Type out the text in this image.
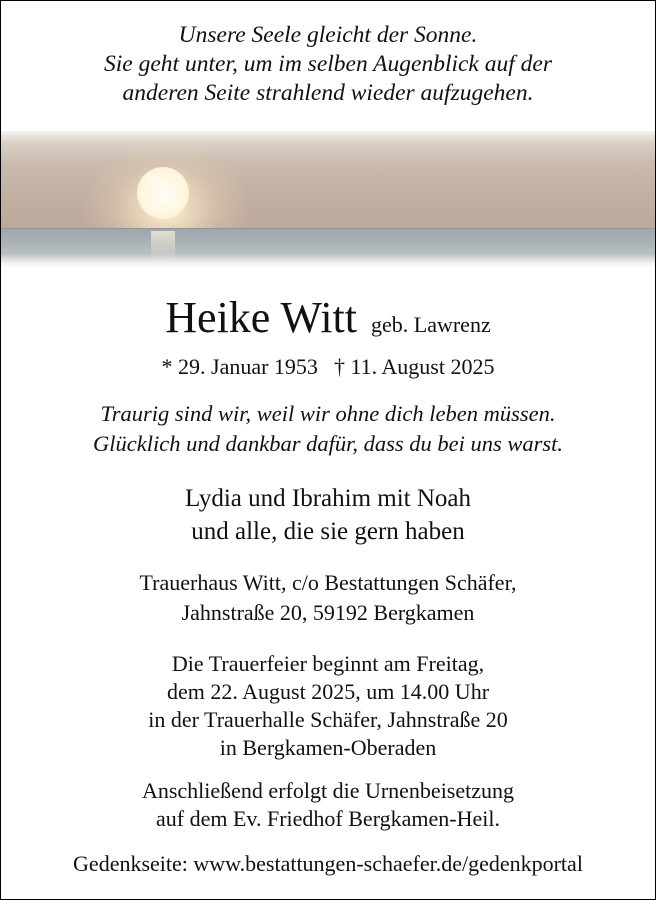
Unsere Seele gleicht der Sonne.
Sie geht unter, um im selben Augenblick auf der
anderen Seite strahlend wieder aufzugehen.
Heike Witt geb. Lawrenz
* 29. Januar 1953 † 11. August 2025
Traurig sind wir, weil wir ohne dich leben müssen.
Glücklich und dankbar dafür, dass du bei uns warst.
Lydia und Ibrahim mit Noah
und alle, die sie gern haben
Trauerhaus Witt, c/o Bestattungen Schäfer,
Jahnstraße 20, 59192 Bergkamen
Die Trauerfeier beginnt am Freitag,
dem 22. August 2025, um 14.00 Uhr
in der Trauerhalle Schäfer, Jahnstraße 20
in Bergkamen-Oberaden
Anschließend erfolgt die Urnenbeisetzung
auf dem Ev. Friedhof Bergkamen-Heil.
Gedenkseite: www.bestattungen-schaefer.de/gedenkportal
